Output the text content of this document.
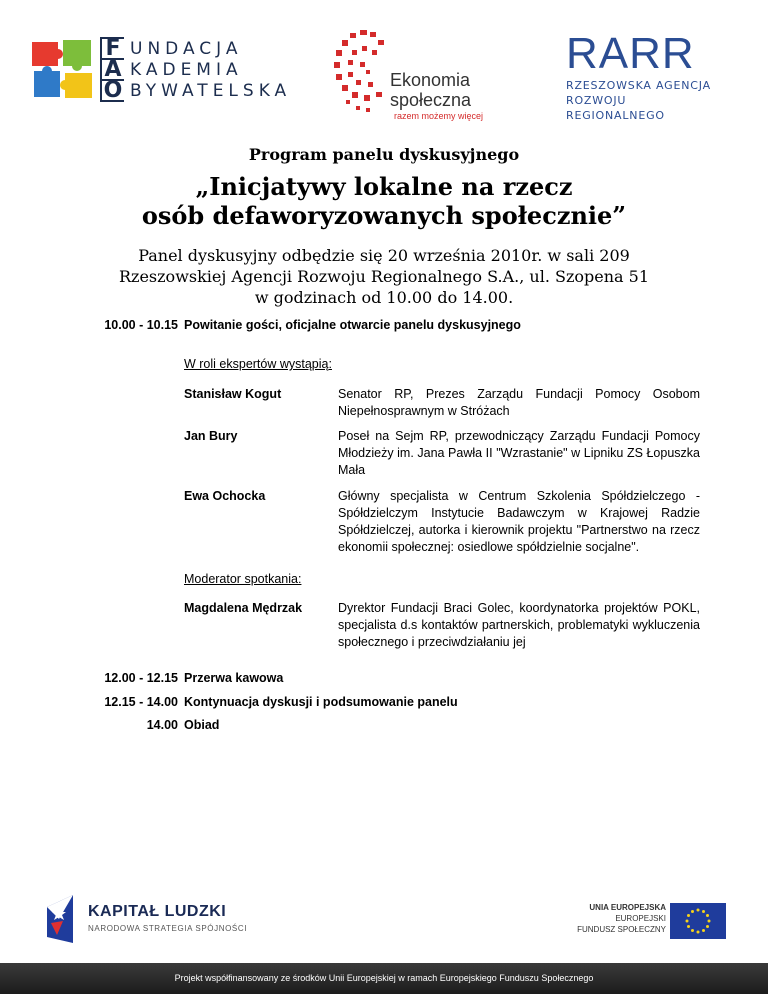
F UNDACJA
A KADEMIA
O BYWATELSKA
Ekonomia
społeczna
razem możemy więcej
RARR
RZESZOWSKA AGENCJA
ROZWOJU REGIONALNEGO
Program panelu dyskusyjnego
„Inicjatywy lokalne na rzecz
osób defaworyzowanych społecznie”
Panel dyskusyjny odbędzie się 20 września 2010r. w sali 209
Rzeszowskiej Agencji Rozwoju Regionalnego S.A., ul. Szopena 51
w godzinach od 10.00 do 14.00.
10.00 - 10.15 Powitanie gości, oficjalne otwarcie panelu dyskusyjnego
W roli ekspertów wystąpią:
Stanisław Kogut	Senator RP, Prezes Zarządu Fundacji Pomocy Osobom Niepełnosprawnym w Stróżach
Jan Bury	Poseł na Sejm RP, przewodniczący Zarządu Fundacji Pomocy Młodzieży im. Jana Pawła II "Wzrastanie" w Lipniku ZS Łopuszka Mała
Ewa Ochocka	Główny specjalista w Centrum Szkolenia Spółdzielczego - Spółdzielczym Instytucie Badawczym w Krajowej Radzie Spółdzielczej, autorka i kierownik projektu "Partnerstwo na rzecz ekonomii społecznej: osiedlowe spółdzielnie socjalne".
Moderator spotkania:
Magdalena Mędrzak	Dyrektor Fundacji Braci Golec, koordynatorka projektów POKL, specjalista d.s kontaktów partnerskich, problematyki wykluczenia społecznego i przeciwdziałaniu jej
12.00 - 12.15 Przerwa kawowa
12.15 - 14.00 Kontynuacja dyskusji i podsumowanie panelu
14.00 Obiad
KAPITAŁ LUDZKI
NARODOWA STRATEGIA SPÓJNOŚCI
UNIA EUROPEJSKA
EUROPEJSKI
FUNDUSZ SPOŁECZNY
Projekt współfinansowany ze środków Unii Europejskiej w ramach Europejskiego Funduszu Społecznego
